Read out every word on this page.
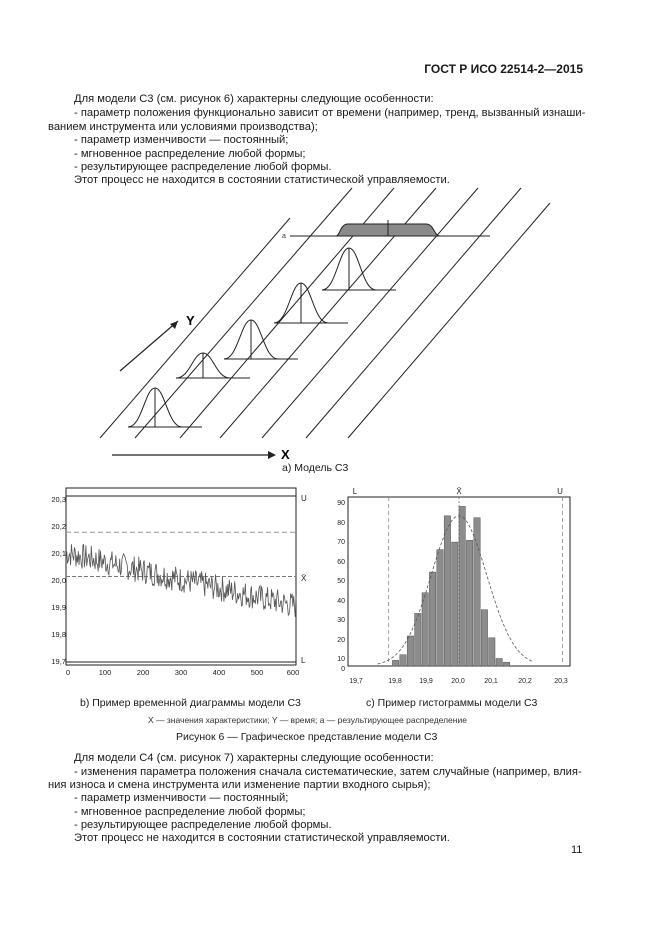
ГОСТ Р ИСО 22514-2—2015
Для модели С3 (см. рисунок 6) характерны следующие особенности:
- параметр положения функционально зависит от времени (например, тренд, вызванный изнаши-
ванием инструмента или условиями производства);
- параметр изменчивости — постоянный;
- мгновенное распределение любой формы;
- результирующее распределение любой формы.
Этот процесс не находится в состоянии статистической управляемости.
a
Y
X
а) Модель С3
20,3
20,2
20,1
20,0
19,9
19,8
19,7
0	100	200	300	400	500	600
U
X̄
L
b) Пример временной диаграммы модели С3
90
80
70
60
50
40
30
20
10
0
19,7	19,8 19,9	20,0	20,1	20,2	20,3
L	X̄	U
c) Пример гистограммы модели С3
X — значения характеристики; Y — время; a — результирующее распределение
Рисунок 6 — Графическое представление модели С3
Для модели С4 (см. рисунок 7) характерны следующие особенности:
- изменения параметра положения сначала систематические, затем случайные (например, влия-
ния износа и смена инструмента или изменение партии входного сырья);
- параметр изменчивости — постоянный;
- мгновенное распределение любой формы;
- результирующее распределение любой формы.
Этот процесс не находится в состоянии статистической управляемости.
11
